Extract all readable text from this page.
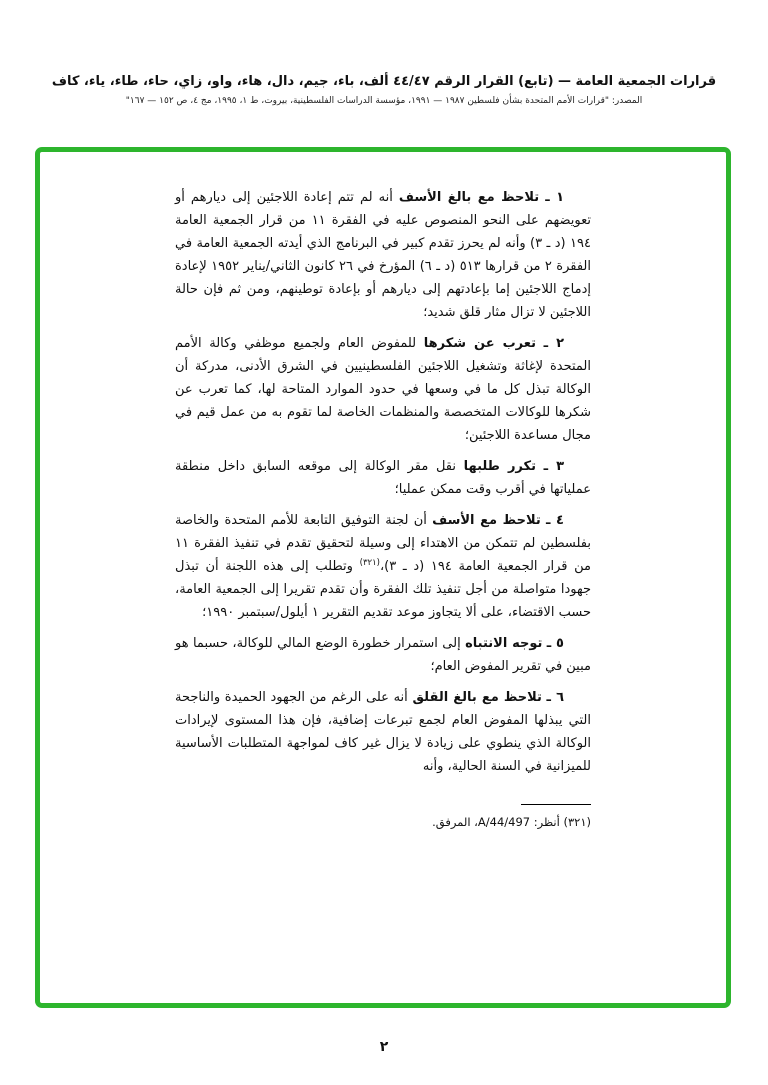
قرارات الجمعية العامة — (تابع) القرار الرقم ٤٤/٤٧ ألف، باء، جيم، دال، هاء، واو، زاي، حاء، طاء، ياء، كاف
المصدر: "قرارات الأمم المتحدة بشأن فلسطين ١٩٨٧ — ١٩٩١، مؤسسة الدراسات الفلسطينية، بيروت، ط ١، ١٩٩٥، مج ٤، ص ١٥٢ — ١٦٧"
١ ـ تلاحظ مع بالغ الأسف أنه لم تتم إعادة اللاجئين إلى ديارهم أو تعويضهم على النحو المنصوص عليه في الفقرة ١١ من قرار الجمعية العامة ١٩٤ (د ـ ٣) وأنه لم يحرز تقدم كبير في البرنامج الذي أيدته الجمعية العامة في الفقرة ٢ من قرارها ٥١٣ (د ـ ٦) المؤرخ في ٢٦ كانون الثاني/يناير ١٩٥٢ لإعادة إدماج اللاجئين إما بإعادتهم إلى ديارهم أو بإعادة توطينهم، ومن ثم فإن حالة اللاجئين لا تزال مثار قلق شديد؛
٢ ـ تعرب عن شكرها للمفوض العام ولجميع موظفي وكالة الأمم المتحدة لإغاثة وتشغيل اللاجئين الفلسطينيين في الشرق الأدنى، مدركة أن الوكالة تبذل كل ما في وسعها في حدود الموارد المتاحة لها، كما تعرب عن شكرها للوكالات المتخصصة والمنظمات الخاصة لما تقوم به من عمل قيم في مجال مساعدة اللاجئين؛
٣ ـ تكرر طلبها نقل مقر الوكالة إلى موقعه السابق داخل منطقة عملياتها في أقرب وقت ممكن عمليا؛
٤ ـ تلاحظ مع الأسف أن لجنة التوفيق التابعة للأمم المتحدة والخاصة بفلسطين لم تتمكن من الاهتداء إلى وسيلة لتحقيق تقدم في تنفيذ الفقرة ١١ من قرار الجمعية العامة ١٩٤ (د ـ ٣)،$^{(٣٢١)}$ وتطلب إلى هذه اللجنة أن تبذل جهودا متواصلة من أجل تنفيذ تلك الفقرة وأن تقدم تقريرا إلى الجمعية العامة، حسب الاقتضاء، على ألا يتجاوز موعد تقديم التقرير ١ أيلول/سبتمبر ١٩٩٠؛
٥ ـ توجه الانتباه إلى استمرار خطورة الوضع المالي للوكالة، حسبما هو مبين في تقرير المفوض العام؛
٦ ـ تلاحظ مع بالغ القلق أنه على الرغم من الجهود الحميدة والناجحة التي يبذلها المفوض العام لجمع تبرعات إضافية، فإن هذا المستوى لإيرادات الوكالة الذي ينطوي على زيادة لا يزال غير كاف لمواجهة المتطلبات الأساسية للميزانية في السنة الحالية، وأنه
(٣٢١) أنظر: A/44/497، المرفق.
٢
